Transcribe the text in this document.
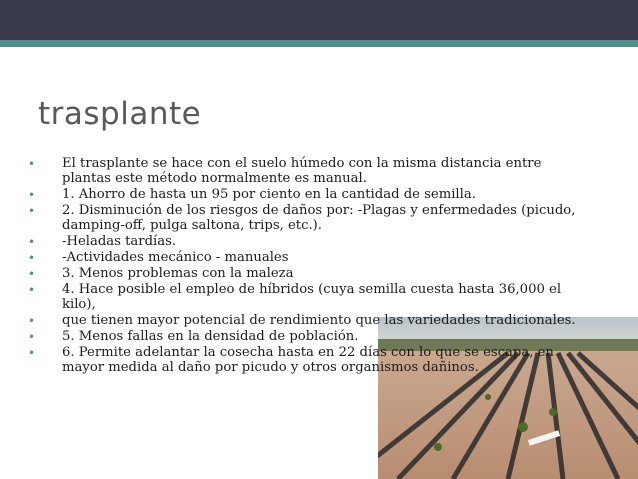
trasplante
• El trasplante se hace con el suelo húmedo con la misma distancia entre plantas este método normalmente es manual.
• 1. Ahorro de hasta un 95 por ciento en la cantidad de semilla.
• 2. Disminución de los riesgos de daños por: -Plagas y enfermedades (picudo, damping-off, pulga saltona, trips, etc.).
• -Heladas tardías.
• -Actividades mecánico - manuales
• 3. Menos problemas con la maleza
• 4. Hace posible el empleo de híbridos (cuya semilla cuesta hasta 36,000 el kilo),
• que tienen mayor potencial de rendimiento que las variedades tradicionales.
• 5. Menos fallas en la densidad de población.
• 6. Permite adelantar la cosecha hasta en 22 días con lo que se escapa, en mayor medida al daño por picudo y otros organismos dañinos.
